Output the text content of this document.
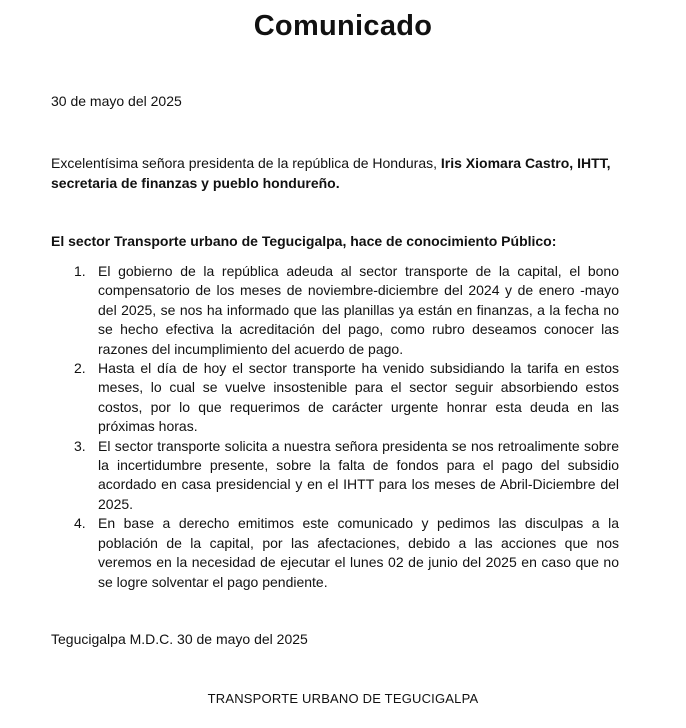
Comunicado
30 de mayo del 2025
Excelentísima señora presidenta de la república de Honduras, Iris Xiomara Castro, IHTT, secretaria de finanzas y pueblo hondureño.
El sector Transporte urbano de Tegucigalpa, hace de conocimiento Público:
1. El gobierno de la república adeuda al sector transporte de la capital, el bono compensatorio de los meses de noviembre-diciembre del 2024 y de enero -mayo del 2025, se nos ha informado que las planillas ya están en finanzas, a la fecha no se hecho efectiva la acreditación del pago, como rubro deseamos conocer las razones del incumplimiento del acuerdo de pago.
2. Hasta el día de hoy el sector transporte ha venido subsidiando la tarifa en estos meses, lo cual se vuelve insostenible para el sector seguir absorbiendo estos costos, por lo que requerimos de carácter urgente honrar esta deuda en las próximas horas.
3. El sector transporte solicita a nuestra señora presidenta se nos retroalimente sobre la incertidumbre presente, sobre la falta de fondos para el pago del subsidio acordado en casa presidencial y en el IHTT para los meses de Abril-Diciembre del 2025.
4. En base a derecho emitimos este comunicado y pedimos las disculpas a la población de la capital, por las afectaciones, debido a las acciones que nos veremos en la necesidad de ejecutar el lunes 02 de junio del 2025 en caso que no se logre solventar el pago pendiente.
Tegucigalpa M.D.C. 30 de mayo del 2025
TRANSPORTE URBANO DE TEGUCIGALPA
